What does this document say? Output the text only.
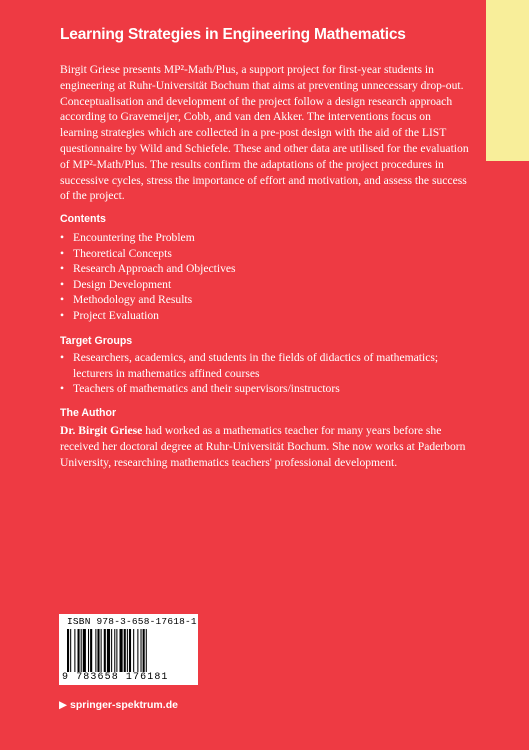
Learning Strategies in Engineering Mathematics

Birgit Griese presents MP²-Math/Plus, a support project for first-year students in engineering at Ruhr-Universität Bochum that aims at preventing unnecessary drop-out. Conceptualisation and development of the project follow a design research approach according to Gravemeijer, Cobb, and van den Akker. The interventions focus on learning strategies which are collected in a pre-post design with the aid of the LIST questionnaire by Wild and Schiefele. These and other data are utilised for the evaluation of MP²-Math/Plus. The results confirm the adaptations of the project procedures in successive cycles, stress the importance of effort and motivation, and assess the success of the project.

Contents
• Encountering the Problem
• Theoretical Concepts
• Research Approach and Objectives
• Design Development
• Methodology and Results
• Project Evaluation
Target Groups
• Researchers, academics, and students in the fields of didactics of mathematics; lecturers in mathematics affined courses
• Teachers of mathematics and their supervisors/instructors
The Author

Dr. Birgit Griese had worked as a mathematics teacher for many years before she received her doctoral degree at Ruhr-Universität Bochum. She now works at Paderborn University, researching mathematics teachers' professional development.

ISBN 978-3-658-17618-1
9 783658 176181
▶ springer-spektrum.de
